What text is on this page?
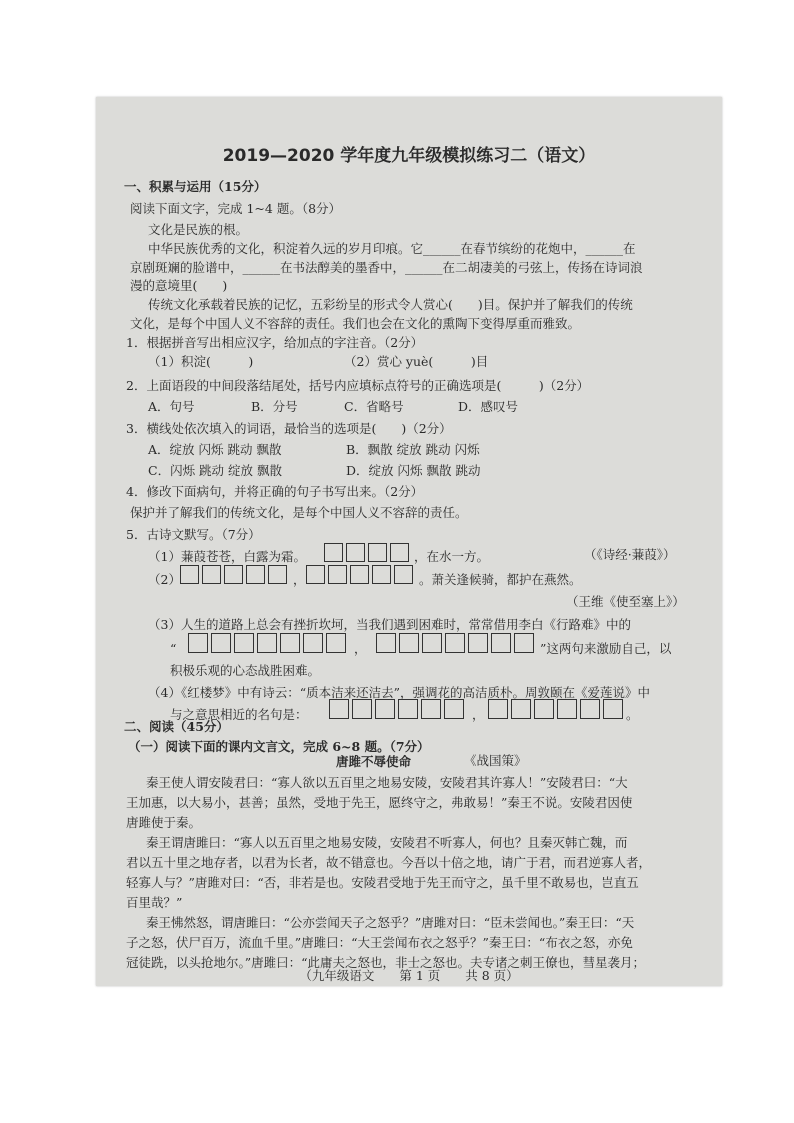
2019—2020 学年度九年级模拟练习二（语文）
一、积累与运用（15分）
阅读下面文字，完成 1~4 题。（8分）
文化是民族的根。
中华民族优秀的文化，积淀着久远的岁月印痕。它______在春节缤纷的花炮中，______在
京剧斑斓的脸谱中，______在书法醇美的墨香中，______在二胡凄美的弓弦上，传扬在诗词浪
漫的意境里(　　)
传统文化承载着民族的记忆，五彩纷呈的形式令人赏心(　　)目。保护并了解我们的传统
文化，是每个中国人义不容辞的责任。我们也会在文化的熏陶下变得厚重而雅致。
1．根据拼音写出相应汉字，给加点的字注音。（2分）
（1）积淀(　　　)	（2）赏心 yuè(　　　)目
2．上面语段的中间段落结尾处，括号内应填标点符号的正确选项是(　　　)（2分）
A．句号	B．分号	C．省略号	D．感叹号
3．横线处依次填入的词语，最恰当的选项是(　　)（2分）
A．绽放 闪烁 跳动 飘散	B．飘散 绽放 跳动 闪烁
C．闪烁 跳动 绽放 飘散	D．绽放 闪烁 飘散 跳动
4．修改下面病句，并将正确的句子书写出来。（2分）
保护并了解我们的传统文化，是每个中国人义不容辞的责任。
5．古诗文默写。（7分）
（1）蒹葭苍苍，白露为霜。	，在水一方。	（《诗经·蒹葭》）
（2）	，	。萧关逢候骑，都护在燕然。
（王维《使至塞上》）
（3）人生的道路上总会有挫折坎坷，当我们遇到困难时，常常借用李白《行路难》中的
“	，	”这两句来激励自己，以
积极乐观的心态战胜困难。
（4）《红楼梦》中有诗云：“质本洁来还洁去”，强调花的高洁质朴。周敦颐在《爱莲说》中
与之意思相近的名句是：	，	。
二、阅读（45分）
（一）阅读下面的课内文言文，完成 6~8 题。（7分）
唐雎不辱使命	《战国策》
秦王使人谓安陵君曰：“寡人欲以五百里之地易安陵，安陵君其许寡人！”安陵君曰：“大
王加惠，以大易小，甚善；虽然，受地于先王，愿终守之，弗敢易！”秦王不说。安陵君因使
唐雎使于秦。
秦王谓唐雎曰：“寡人以五百里之地易安陵，安陵君不听寡人，何也？且秦灭韩亡魏，而
君以五十里之地存者，以君为长者，故不错意也。今吾以十倍之地，请广于君，而君逆寡人者，
轻寡人与？”唐雎对曰：“否，非若是也。安陵君受地于先王而守之，虽千里不敢易也，岂直五
百里哉？”
秦王怫然怒，谓唐雎曰：“公亦尝闻天子之怒乎？”唐雎对曰：“臣未尝闻也。”秦王曰：“天
子之怒，伏尸百万，流血千里。”唐雎曰：“大王尝闻布衣之怒乎？”秦王曰：“布衣之怒，亦免
冠徒跣，以头抢地尔。”唐雎曰：“此庸夫之怒也，非士之怒也。夫专诸之刺王僚也，彗星袭月；
（九年级语文　　第 1 页　　共 8 页）
